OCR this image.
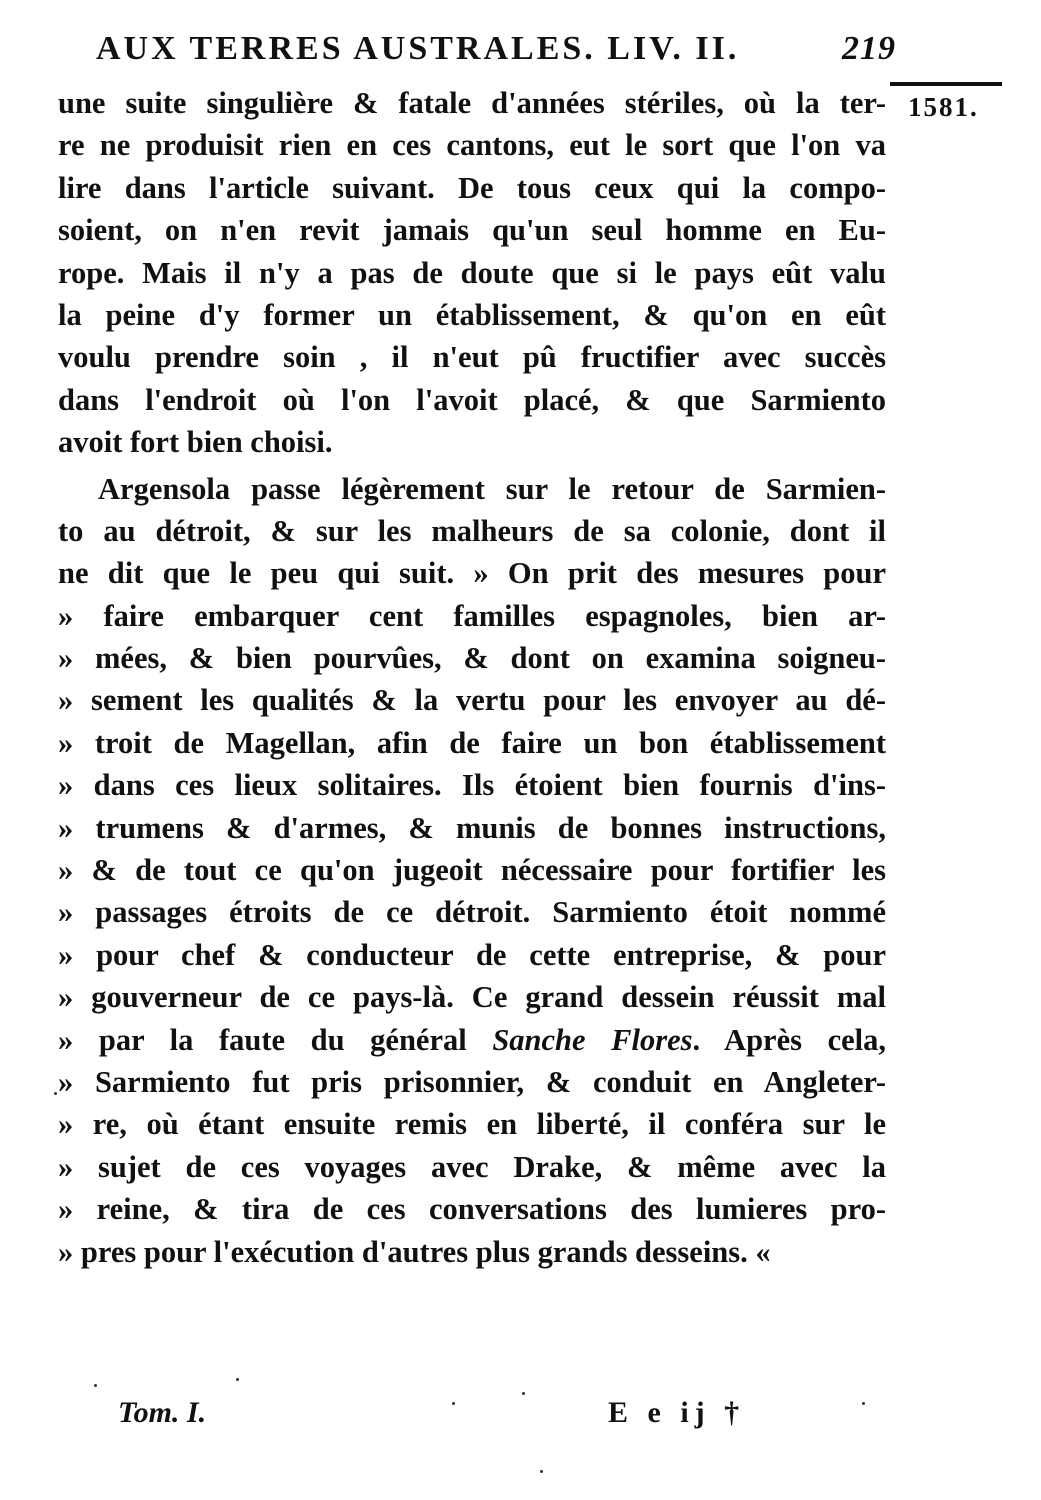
AUX TERRES AUSTRALES. LIV. II.	219
1581.
une suite singulière & fatale d'années stériles, où la ter-
re ne produisit rien en ces cantons, eut le sort que l'on va
lire dans l'article suivant. De tous ceux qui la compo-
soient, on n'en revit jamais qu'un seul homme en Eu-
rope. Mais il n'y a pas de doute que si le pays eût valu
la peine d'y former un établissement, & qu'on en eût
voulu prendre soin , il n'eut pû fructifier avec succès
dans l'endroit où l'on l'avoit placé, & que Sarmiento
avoit fort bien choisi.
Argensola passe légèrement sur le retour de Sarmien-
to au détroit, & sur les malheurs de sa colonie, dont il
ne dit que le peu qui suit. » On prit des mesures pour
» faire embarquer cent familles espagnoles, bien ar-
» mées, & bien pourvûes, & dont on examina soigneu-
» sement les qualités & la vertu pour les envoyer au dé-
» troit de Magellan, afin de faire un bon établissement
» dans ces lieux solitaires. Ils étoient bien fournis d'ins-
» trumens & d'armes, & munis de bonnes instructions,
» & de tout ce qu'on jugeoit nécessaire pour fortifier les
» passages étroits de ce détroit. Sarmiento étoit nommé
» pour chef & conducteur de cette entreprise, & pour
» gouverneur de ce pays-là. Ce grand dessein réussit mal
» par la faute du général Sanche Flores. Après cela,
» Sarmiento fut pris prisonnier, & conduit en Angleter-
» re, où étant ensuite remis en liberté, il conféra sur le
» sujet de ces voyages avec Drake, & même avec la
» reine, & tira de ces conversations des lumieres pro-
» pres pour l'exécution d'autres plus grands desseins. «
Tom. I.	E e ij †
